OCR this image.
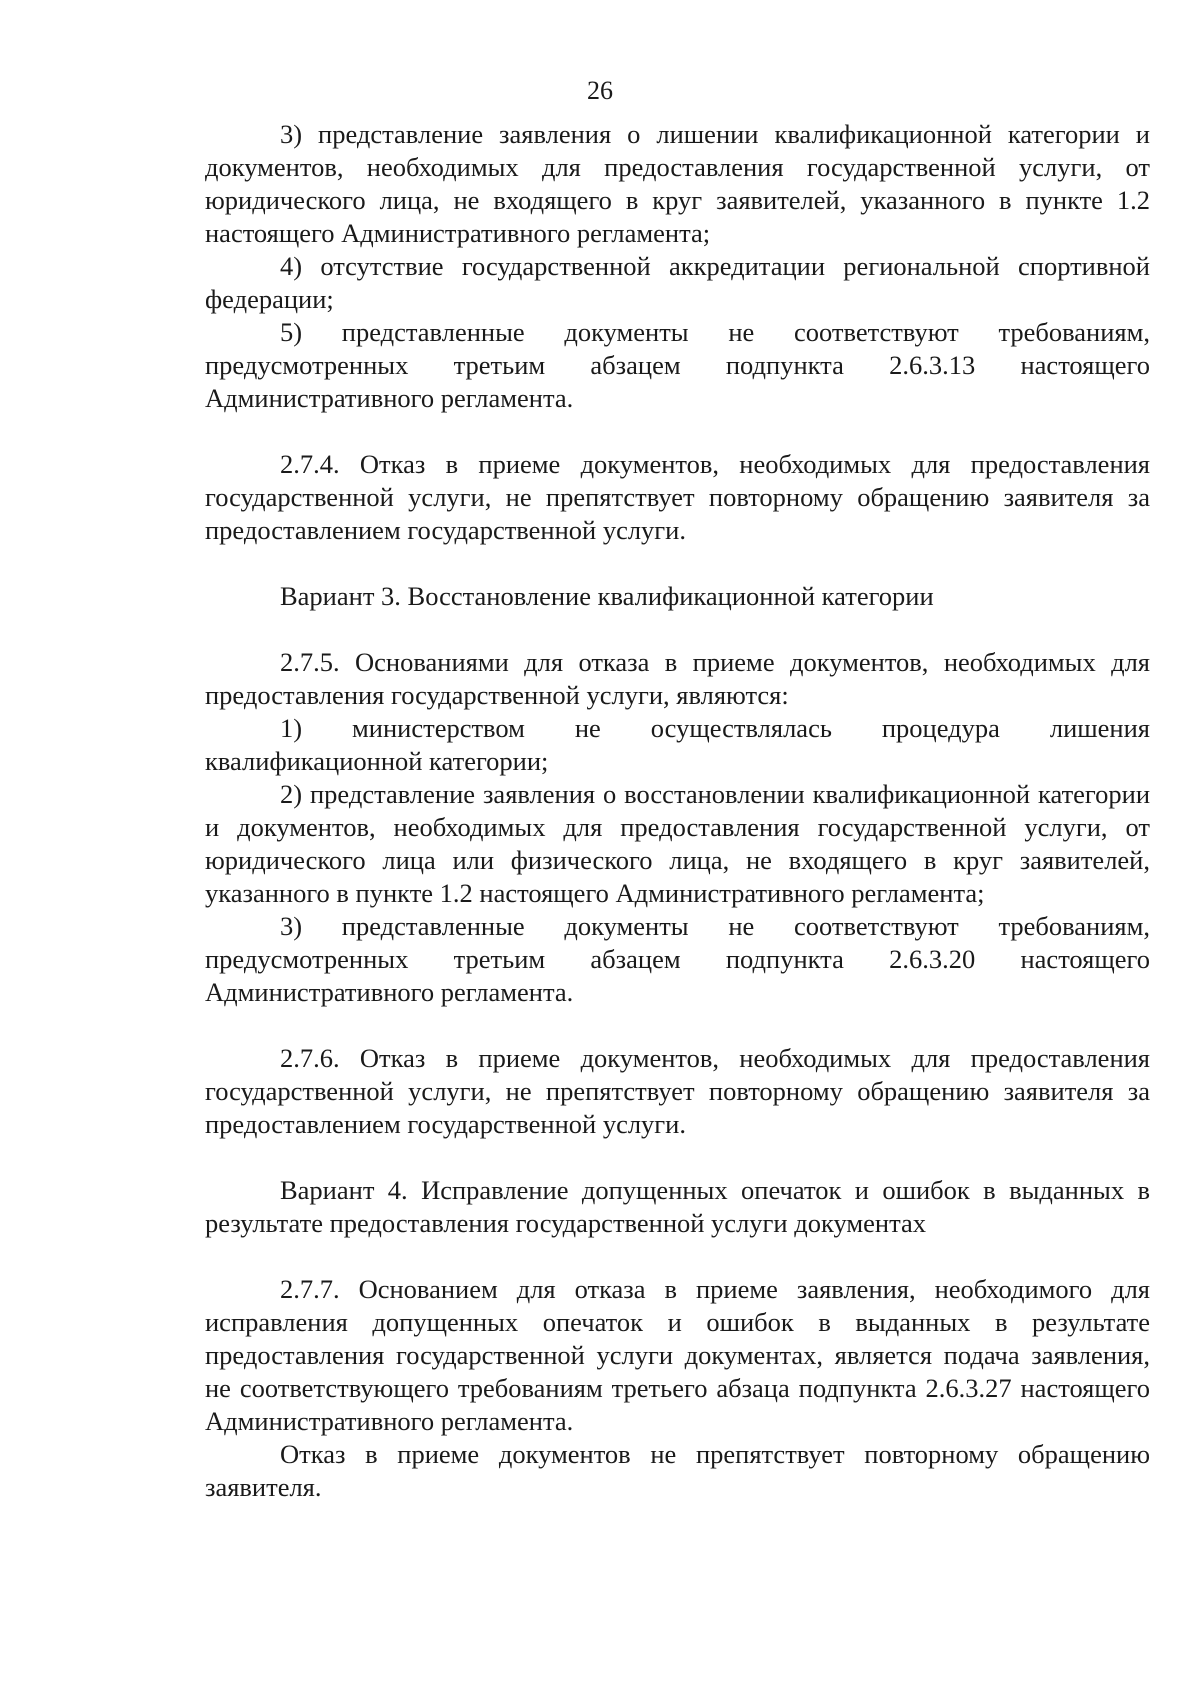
26

3) представление заявления о лишении квалификационной категории и документов, необходимых для предоставления государственной услуги, от юридического лица, не входящего в круг заявителей, указанного в пункте 1.2 настоящего Административного регламента;

4) отсутствие государственной аккредитации региональной спортивной федерации;

5) представленные документы не соответствуют требованиям, предусмотренных третьим абзацем подпункта 2.6.3.13 настоящего Административного регламента.

2.7.4. Отказ в приеме документов, необходимых для предоставления государственной услуги, не препятствует повторному обращению заявителя за предоставлением государственной услуги.

Вариант 3. Восстановление квалификационной категории

2.7.5. Основаниями для отказа в приеме документов, необходимых для предоставления государственной услуги, являются:

1) министерством не осуществлялась процедура лишения квалификационной категории;

2) представление заявления о восстановлении квалификационной категории и документов, необходимых для предоставления государственной услуги, от юридического лица или физического лица, не входящего в круг заявителей, указанного в пункте 1.2 настоящего Административного регламента;

3) представленные документы не соответствуют требованиям, предусмотренных третьим абзацем подпункта 2.6.3.20 настоящего Административного регламента.

2.7.6. Отказ в приеме документов, необходимых для предоставления государственной услуги, не препятствует повторному обращению заявителя за предоставлением государственной услуги.

Вариант 4. Исправление допущенных опечаток и ошибок в выданных в результате предоставления государственной услуги документах

2.7.7. Основанием для отказа в приеме заявления, необходимого для исправления допущенных опечаток и ошибок в выданных в результате предоставления государственной услуги документах, является подача заявления, не соответствующего требованиям третьего абзаца подпункта 2.6.3.27 настоящего Административного регламента.

Отказ в приеме документов не препятствует повторному обращению заявителя.
